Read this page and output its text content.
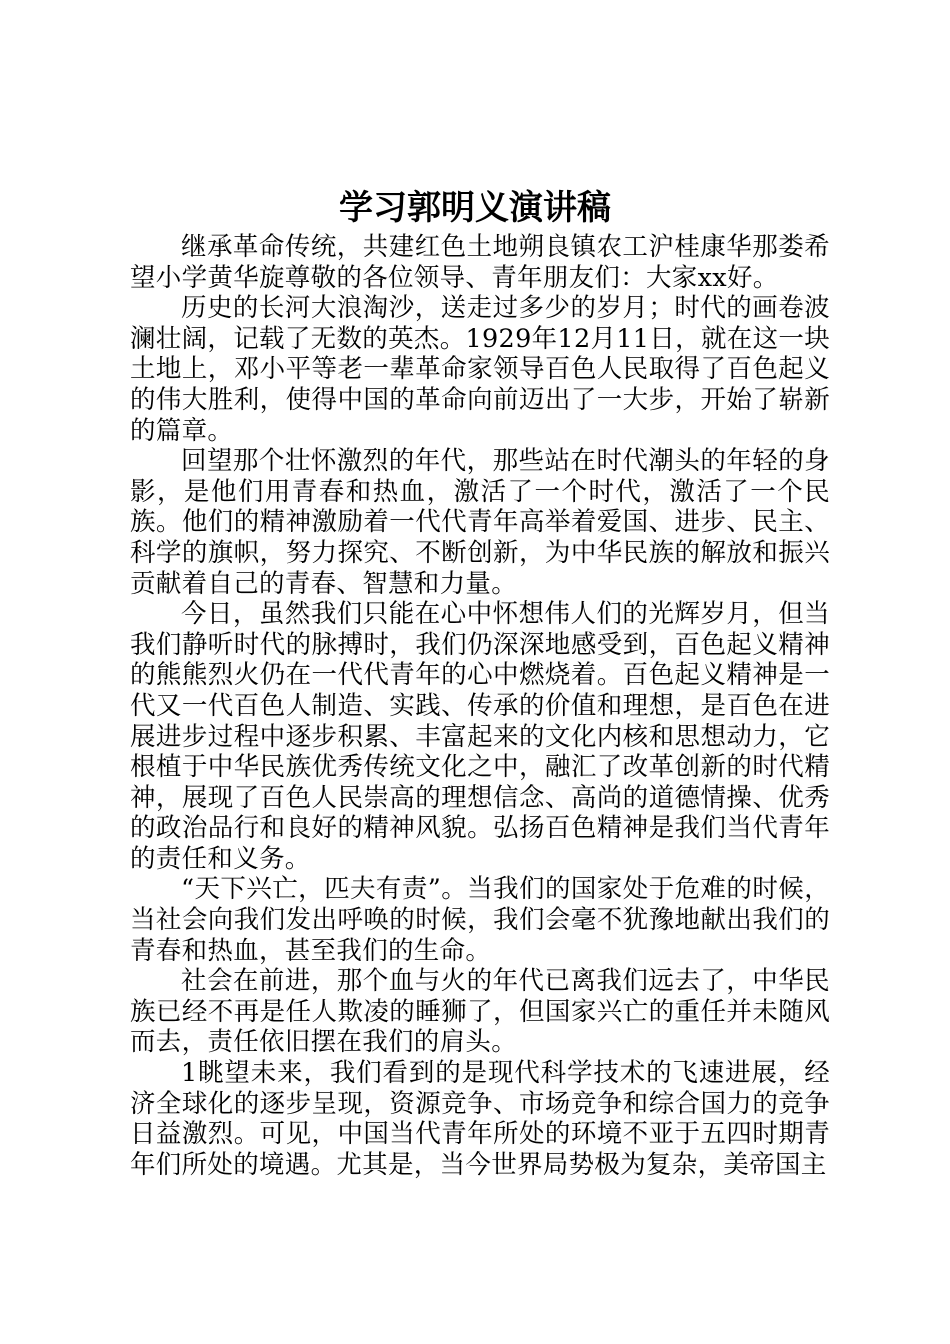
学习郭明义演讲稿

继承革命传统，共建红色土地朔良镇农工沪桂康华那娄希望小学黄华旋尊敬的各位领导、青年朋友们：大家xx好。

历史的长河大浪淘沙，送走过多少的岁月；时代的画卷波澜壮阔，记载了无数的英杰。1929年12月11日，就在这一块土地上，邓小平等老一辈革命家领导百色人民取得了百色起义的伟大胜利，使得中国的革命向前迈出了一大步，开始了崭新的篇章。

回望那个壮怀激烈的年代，那些站在时代潮头的年轻的身影，是他们用青春和热血，激活了一个时代，激活了一个民族。他们的精神激励着一代代青年高举着爱国、进步、民主、科学的旗帜，努力探究、不断创新，为中华民族的解放和振兴贡献着自己的青春、智慧和力量。

今日，虽然我们只能在心中怀想伟人们的光辉岁月，但当我们静听时代的脉搏时，我们仍深深地感受到，百色起义精神的熊熊烈火仍在一代代青年的心中燃烧着。百色起义精神是一代又一代百色人制造、实践、传承的价值和理想，是百色在进展进步过程中逐步积累、丰富起来的文化内核和思想动力，它根植于中华民族优秀传统文化之中，融汇了改革创新的时代精神，展现了百色人民崇高的理想信念、高尚的道德情操、优秀的政治品行和良好的精神风貌。弘扬百色精神是我们当代青年的责任和义务。

“天下兴亡，匹夫有责”。当我们的国家处于危难的时候，当社会向我们发出呼唤的时候，我们会毫不犹豫地献出我们的青春和热血，甚至我们的生命。

社会在前进，那个血与火的年代已离我们远去了，中华民族已经不再是任人欺凌的睡狮了，但国家兴亡的重任并未随风而去，责任依旧摆在我们的肩头。

1眺望未来，我们看到的是现代科学技术的飞速进展，经济全球化的逐步呈现，资源竞争、市场竞争和综合国力的竞争日益激烈。可见，中国当代青年所处的环境不亚于五四时期青年们所处的境遇。尤其是，当今世界局势极为复杂，美帝国主
